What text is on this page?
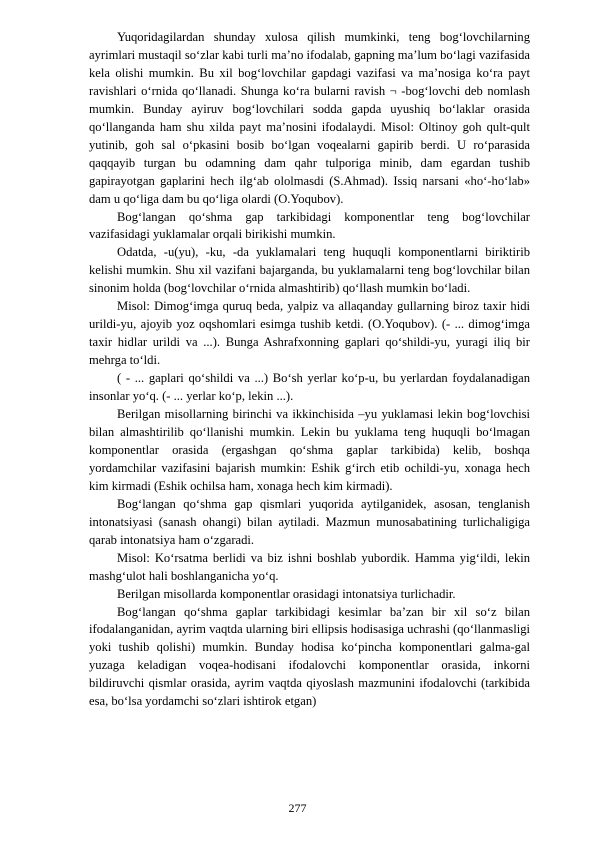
Yuqoridagilardan shunday xulosa qilish mumkinki, teng bog‘lovchilarning ayrimlari mustaqil so‘zlar kabi turli ma’no ifodalab, gapning ma’lum bo‘lagi vazifasida kela olishi mumkin. Bu xil bog‘lovchilar gapdagi vazifasi va ma’nosiga ko‘ra payt ravishlari o‘rnida qo‘llanadi. Shunga ko‘ra bularni ravish ¬ -bog‘lovchi deb nomlash mumkin. Bunday ayiruv bog‘lovchilari sodda gapda uyushiq bo‘laklar orasida qo‘llanganda ham shu xilda payt ma’nosini ifodalaydi. Misol: Oltinoy goh qult-qult yutinib, goh sal o‘pkasini bosib bo‘lgan voqealarni gapirib berdi. U ro‘parasida qaqqayib turgan bu odamning dam qahr tulporiga minib, dam egardan tushib gapirayotgan gaplarini hech ilg‘ab ololmasdi (S.Ahmad). Issiq narsani «ho‘-ho‘lab» dam u qo‘liga dam bu qo‘liga olardi (O.Yoqubov).

Bog‘langan qo‘shma gap tarkibidagi komponentlar teng bog‘lovchilar vazifasidagi yuklamalar orqali birikishi mumkin.

Odatda, -u(yu), -ku, -da yuklamalari teng huquqli komponentlarni biriktirib kelishi mumkin. Shu xil vazifani bajarganda, bu yuklamalarni teng bog‘lovchilar bilan sinonim holda (bog‘lovchilar o‘rnida almashtirib) qo‘llash mumkin bo‘ladi.

Misol: Dimog‘imga quruq beda, yalpiz va allaqanday gullarning biroz taxir hidi urildi-yu, ajoyib yoz oqshomlari esimga tushib ketdi. (O.Yoqubov). (- ... dimog‘imga taxir hidlar urildi va ...). Bunga Ashrafxonning gaplari qo‘shildi-yu, yuragi iliq bir mehrga to‘ldi.

( - ... gaplari qo‘shildi va ...) Bo‘sh yerlar ko‘p-u, bu yerlardan foydalanadigan insonlar yo‘q. (- ... yerlar ko‘p, lekin ...).

Berilgan misollarning birinchi va ikkinchisida –yu yuklamasi lekin bog‘lovchisi bilan almashtirilib qo‘llanishi mumkin. Lekin bu yuklama teng huquqli bo‘lmagan komponentlar orasida (ergashgan qo‘shma gaplar tarkibida) kelib, boshqa yordamchilar vazifasini bajarish mumkin: Eshik g‘irch etib ochildi-yu, xonaga hech kim kirmadi (Eshik ochilsa ham, xonaga hech kim kirmadi).

Bog‘langan qo‘shma gap qismlari yuqorida aytilganidek, asosan, tenglanish intonatsiyasi (sanash ohangi) bilan aytiladi. Mazmun munosabatining turlichaligiga qarab intonatsiya ham o‘zgaradi.

Misol: Ko‘rsatma berlidi va biz ishni boshlab yubordik. Hamma yig‘ildi, lekin mashg‘ulot hali boshlanganicha yo‘q.

Berilgan misollarda komponentlar orasidagi intonatsiya turlichadir.

Bog‘langan qo‘shma gaplar tarkibidagi kesimlar ba’zan bir xil so‘z bilan ifodalanganidan, ayrim vaqtda ularning biri ellipsis hodisasiga uchrashi (qo‘llanmasligi yoki tushib qolishi) mumkin. Bunday hodisa ko‘pincha komponentlari galma-gal yuzaga keladigan voqea-hodisani ifodalovchi komponentlar orasida, inkorni bildiruvchi qismlar orasida, ayrim vaqtda qiyoslash mazmunini ifodalovchi (tarkibida esa, bo‘lsa yordamchi so‘zlari ishtirok etgan)

277
